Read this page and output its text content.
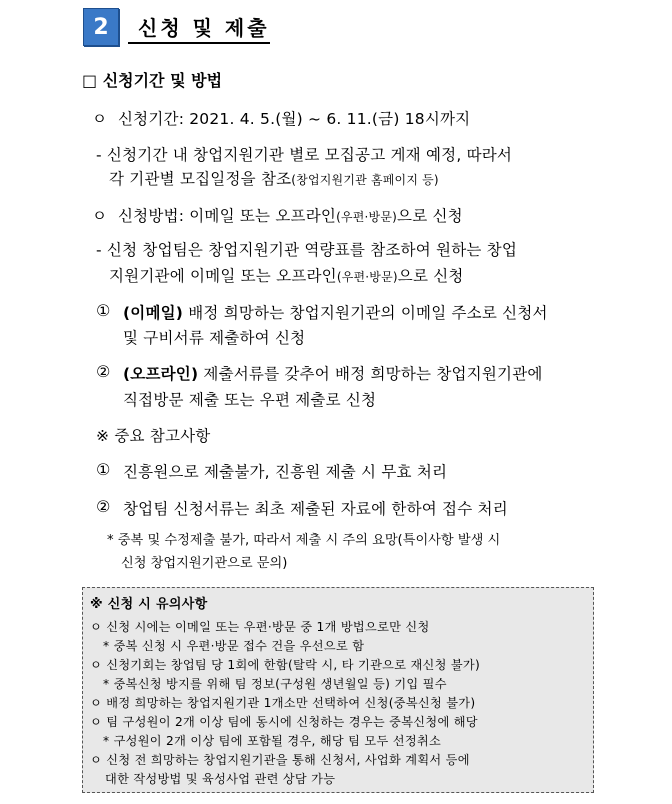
2	신청 및 제출
□ 신청기간 및 방법
ㅇ 신청기간: 2021. 4. 5.(월) ~ 6. 11.(금) 18시까지
- 신청기간 내 창업지원기관 별로 모집공고 게재 예정, 따라서
각 기관별 모집일정을 참조(창업지원기관 홈페이지 등)
ㅇ 신청방법: 이메일 또는 오프라인(우편·방문)으로 신청
- 신청 창업팀은 창업지원기관 역량표를 참조하여 원하는 창업
지원기관에 이메일 또는 오프라인(우편·방문)으로 신청
① (이메일) 배정 희망하는 창업지원기관의 이메일 주소로 신청서
및 구비서류 제출하여 신청
② (오프라인) 제출서류를 갖추어 배정 희망하는 창업지원기관에
직접방문 제출 또는 우편 제출로 신청
※ 중요 참고사항
① 진흥원으로 제출불가, 진흥원 제출 시 무효 처리
② 창업팀 신청서류는 최초 제출된 자료에 한하여 접수 처리
* 중복 및 수정제출 불가, 따라서 제출 시 주의 요망(특이사항 발생 시
신청 창업지원기관으로 문의)
※ 신청 시 유의사항
ㅇ 신청 시에는 이메일 또는 우편·방문 중 1개 방법으로만 신청
* 중복 신청 시 우편·방문 접수 건을 우선으로 함
ㅇ 신청기회는 창업팀 당 1회에 한함(탈락 시, 타 기관으로 재신청 불가)
* 중복신청 방지를 위해 팀 정보(구성원 생년월일 등) 기입 필수
ㅇ 배정 희망하는 창업지원기관 1개소만 선택하여 신청(중복신청 불가)
ㅇ 팀 구성원이 2개 이상 팀에 동시에 신청하는 경우는 중복신청에 해당
* 구성원이 2개 이상 팀에 포함될 경우, 해당 팀 모두 선정취소
ㅇ 신청 전 희망하는 창업지원기관을 통해 신청서, 사업화 계획서 등에
대한 작성방법 및 육성사업 관련 상담 가능
